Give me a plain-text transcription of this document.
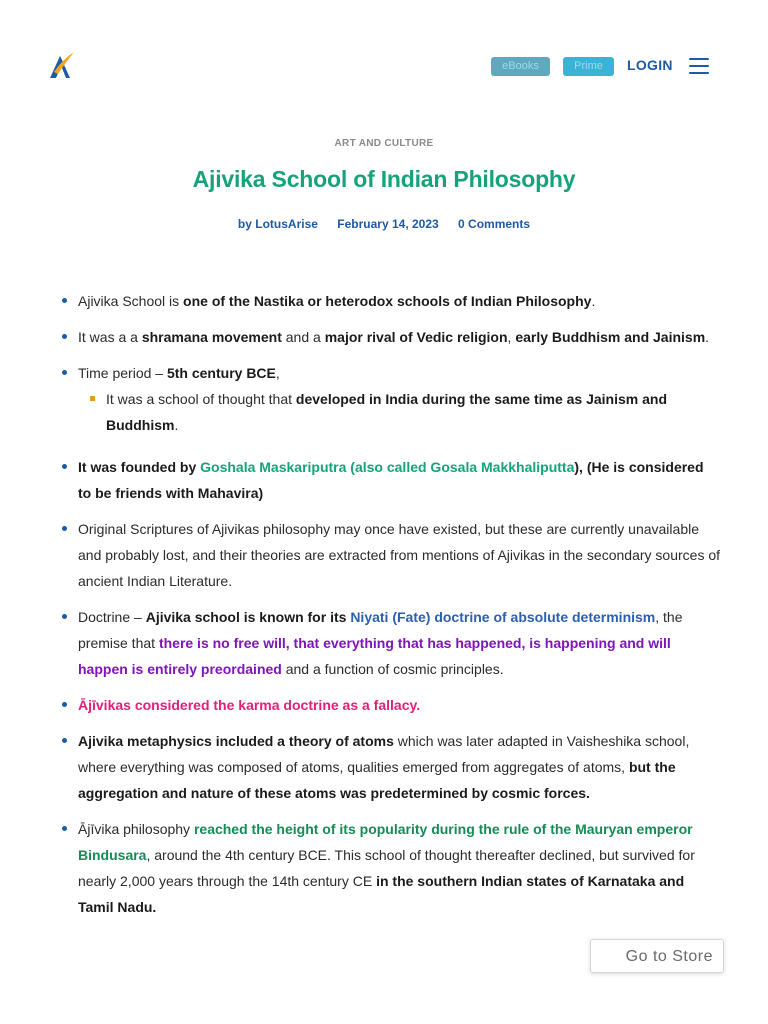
eBooks	Prime	LOGIN
ART AND CULTURE
Ajivika School of Indian Philosophy
by LotusArise February 14, 2023 0 Comments
Ajivika School is one of the Nastika or heterodox schools of Indian Philosophy.
It was a a shramana movement and a major rival of Vedic religion, early Buddhism and Jainism.
Time period – 5th century BCE,
It was a school of thought that developed in India during the same time as Jainism and Buddhism.
It was founded by Goshala Maskariputra (also called Gosala Makkhaliputta), (He is considered to be friends with Mahavira)
Original Scriptures of Ajivikas philosophy may once have existed, but these are currently unavailable and probably lost, and their theories are extracted from mentions of Ajivikas in the secondary sources of ancient Indian Literature.
Doctrine – Ajivika school is known for its Niyati (Fate) doctrine of absolute determinism, the premise that there is no free will, that everything that has happened, is happening and will happen is entirely preordained and a function of cosmic principles.
Ājīvikas considered the karma doctrine as a fallacy.
Ajivika metaphysics included a theory of atoms which was later adapted in Vaisheshika school, where everything was composed of atoms, qualities emerged from aggregates of atoms, but the aggregation and nature of these atoms was predetermined by cosmic forces.
Ājīvika philosophy reached the height of its popularity during the rule of the Mauryan emperor Bindusara, around the 4th century BCE. This school of thought thereafter declined, but survived for nearly 2,000 years through the 14th century CE in the southern Indian states of Karnataka and Tamil Nadu.
Go to Store
